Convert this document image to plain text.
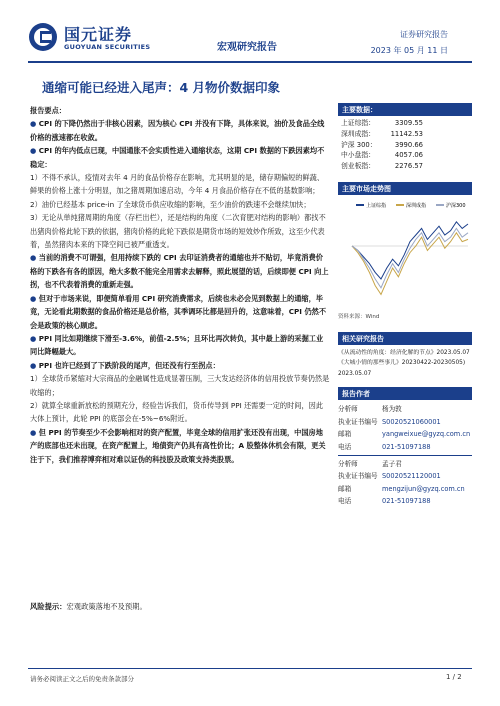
国元证券
GUOYUAN SECURITIES	宏观研究报告
证券研究报告
2023 年 05 月 11 日
通缩可能已经进入尾声：4 月物价数据印象

报告要点：

● CPI 的下降仍然出于非核心因素，因为核心 CPI 并没有下降，具体来说，油价及食品全线价格的涨速都在收敛。

● CPI 的年内低点已现，中国通胀不会实质性进入通缩状态，这期 CPI 数据的下跌因素均不稳定：

1）不得不承认，疫情对去年 4 月的食品价格存在影响，尤其明显的是，储存期偏短的鲜蔬、鲜果的价格上涨十分明显，加之猪周期加速启动，今年 4 月食品价格存在不低的基数影响；

2）油价已经基本 price-in 了全球货币供应收缩的影响，至少油价的跌速不会继续加快；

3）无论从単纯猪周期的角度（存栏出栏），还是结构的角度（二次育肥对结构的影响）都找不出猪肉价格此轮下跌的依据，猪肉价格的此轮下跌似是期货市场的短效炒作所致，这至少代表着，虽然猪肉本来的下降空间已被严重透支。

● 当前的消费不可谓强，但用持续下跌的 CPI 去印证消费者的通缩也并不贴切，毕竟消费价格的下跌各有各的原因，绝大多数不能完全用需求去解释，照此展望的话，后续即便 CPI 向上拐，也不代表着消费的重新走强。

● 但对于市场来说，即便简单看用 CPI 研究消费需求，后续也未必会见到数据上的通缩，毕竟，无论看此期数据的食品价格还是总价格，其季调环比都是回升的，这意味着，CPI 仍然不会是政策的核心顾虑。

● PPI 同比如期继续下滑至-3.6%，前值-2.5%；且环比再次转负，其中最上游的采掘工业同比降幅最大。

● PPI 也许已经到了下跌阶段的尾声，但还没有行至拐点：

1）全球货币紧缩对大宗商品的金融属性造成显著压制，三大发达经济体的信用投放节奏仍然是收缩的；

2）就算全球重新放松的预期充分，经验告诉我们，货币传导到 PPI 还需要一定的时间，因此大体上预计，此轮 PPI 的底部会在-5%~6%附近。

● 但 PPI 的节奏至少不会影响相对的资产配置，毕竟全球的信用扩张还没有出现，中国房地产的底部也还未出现，在资产配置上，地债资产仍具有高性价比；A 股整体休机会有限，更关注于下，我们推荐博弈相对难以证伪的科技股及政策支持类股票。

风险提示：宏观政策落地不及预期。
主要数据：
上证综指：	3309.55
深圳成指： 11142.53
沪深 300：	3990.66
中小盘指：	4057.06
创业板指：	2276.57
主要市场走势图
上证综指	深圳成指	沪深300
资料来源：Wind
相关研究报告
《从流动性的角度：经济化解的节点》2023.05.07
《大城小情的那些事儿》20230422-20230505) 2023.05.07
报告作者
分析师	杨为敦
执业证书编号 S0020521060001
邮箱	yangweixue@gyzq.com.cn
电话	021-51097188
分析师	孟子君
执业证书编号 S0020521120001
邮箱	mengzijun@gyzq.com.cn
电话	021-51097188
请务必阅读正文之后的免责条款部分	1 / 2
